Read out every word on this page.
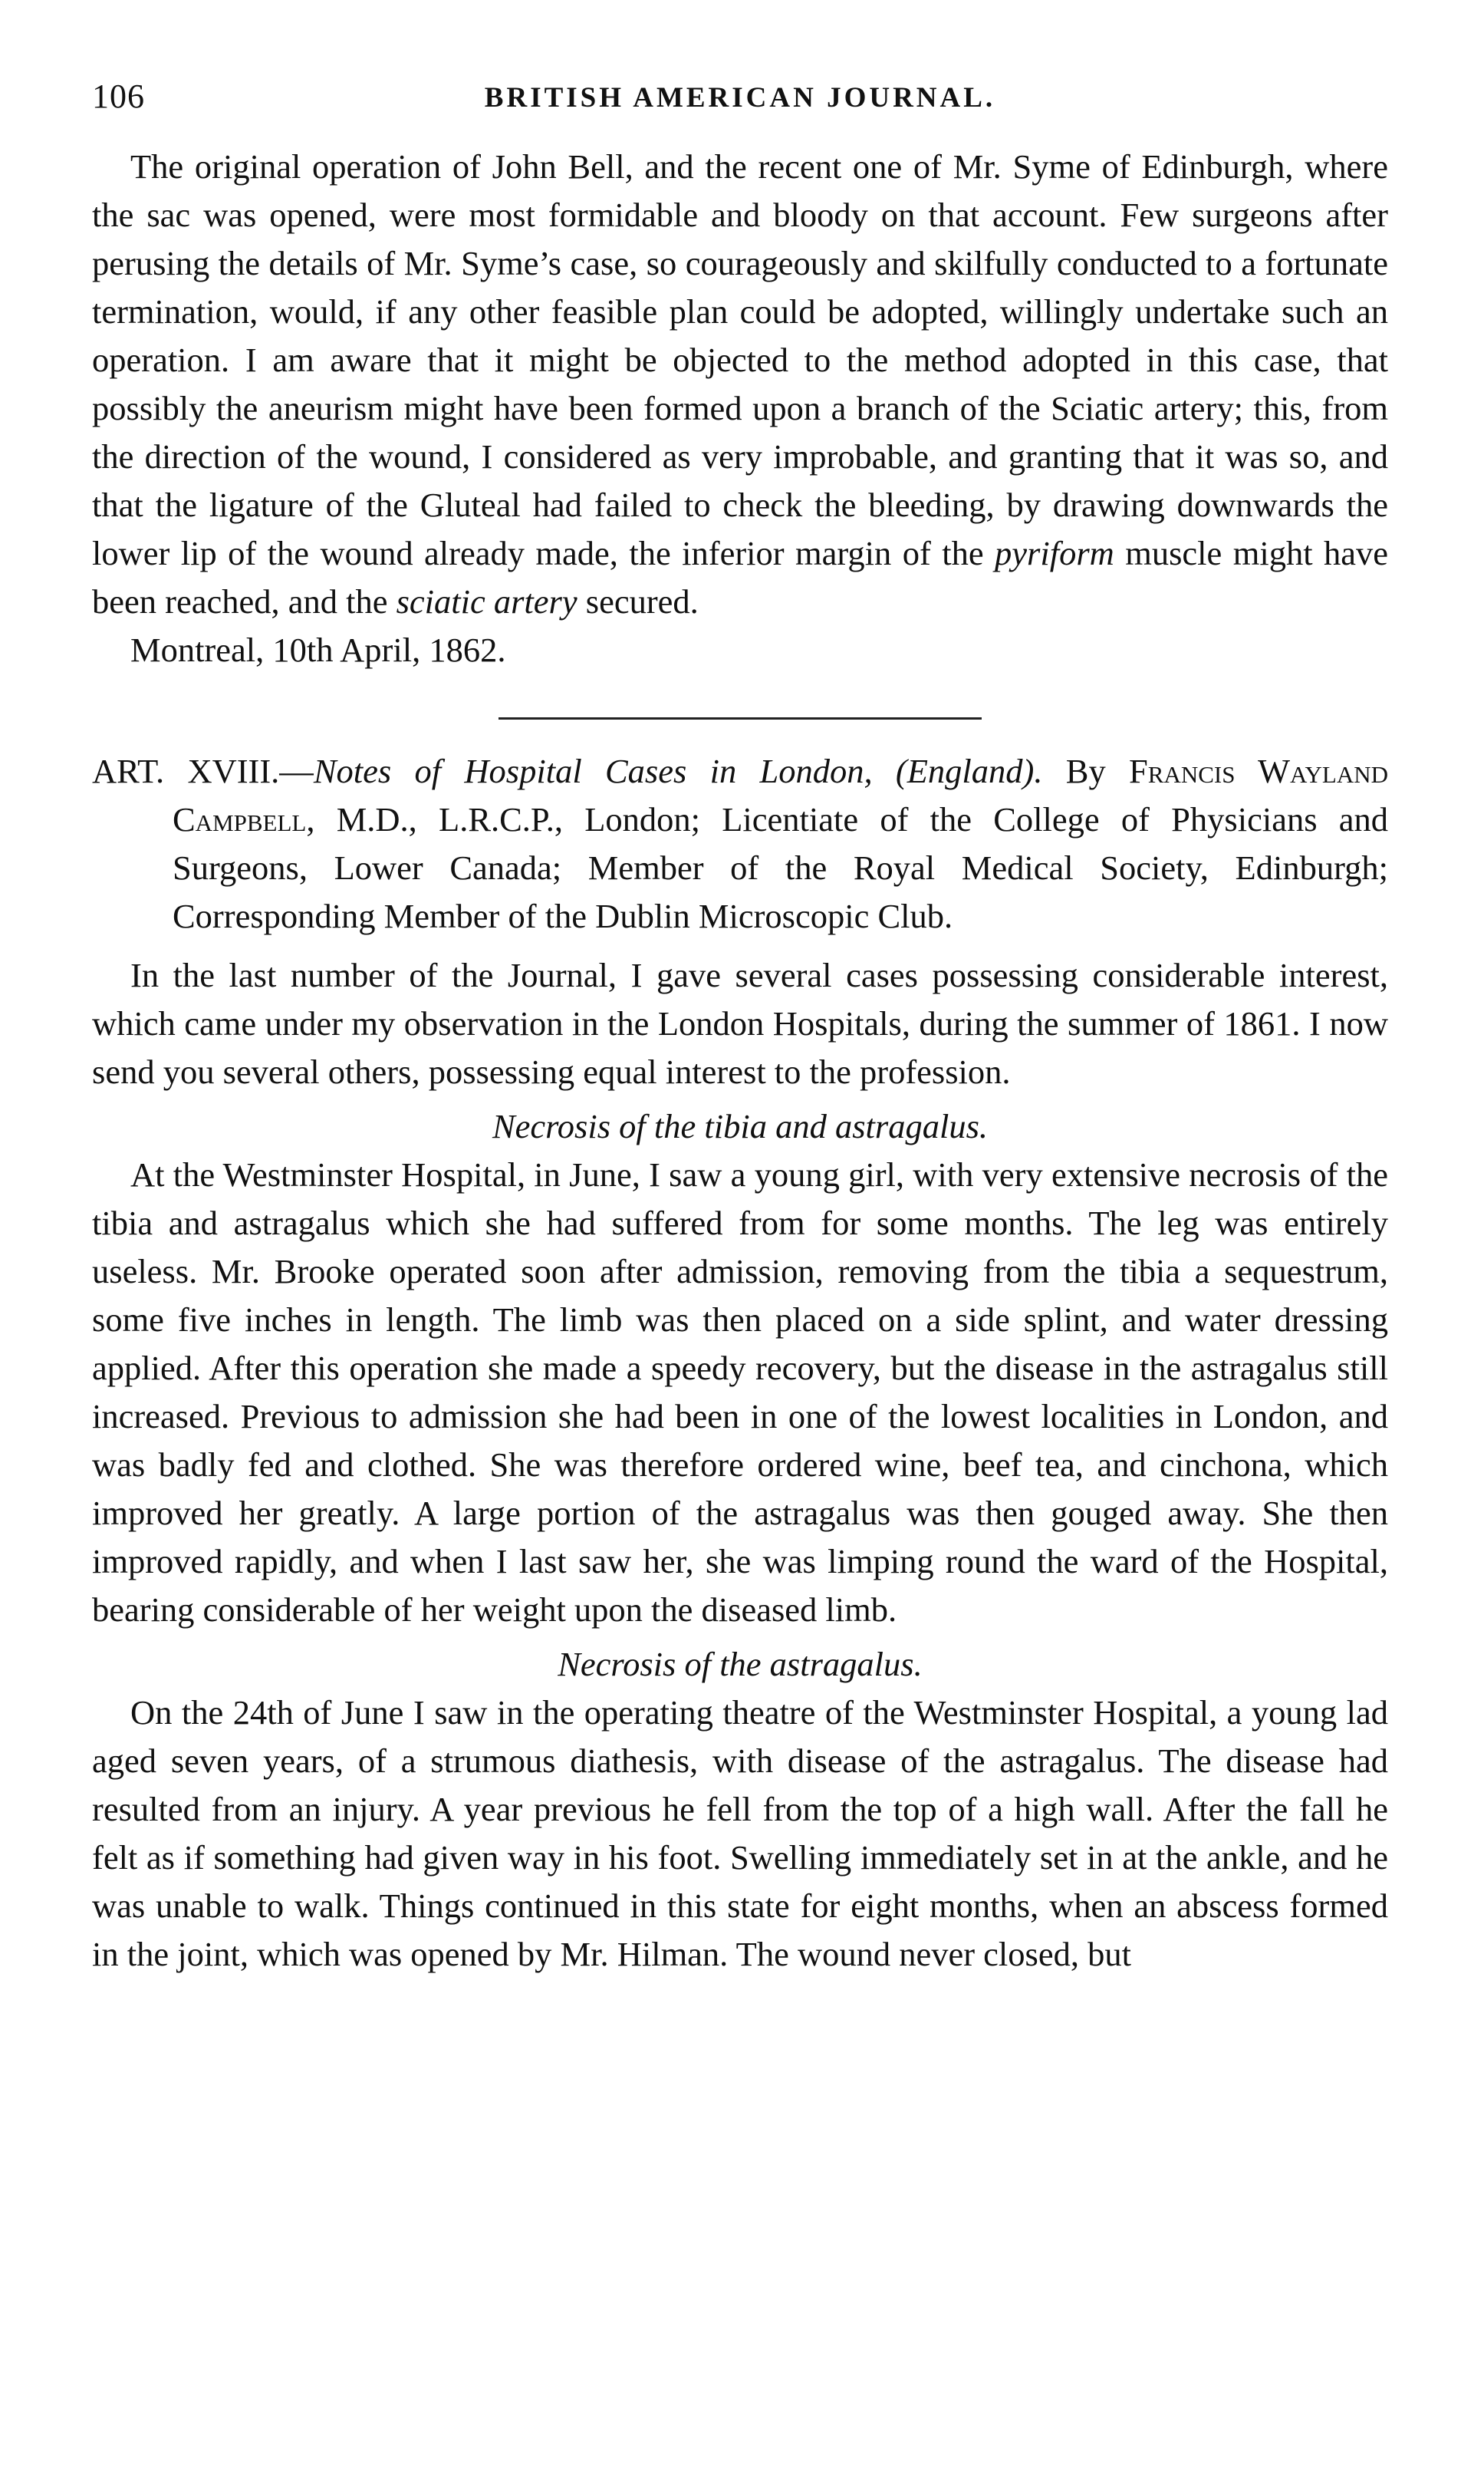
106	BRITISH AMERICAN JOURNAL.

The original operation of John Bell, and the recent one of Mr. Syme of Edinburgh, where the sac was opened, were most formidable and bloody on that account. Few surgeons after perusing the details of Mr. Syme’s case, so courageously and skilfully conducted to a fortunate termination, would, if any other feasible plan could be adopted, willingly undertake such an operation. I am aware that it might be objected to the method adopted in this case, that possibly the aneurism might have been formed upon a branch of the Sciatic artery; this, from the direction of the wound, I considered as very improbable, and granting that it was so, and that the ligature of the Gluteal had failed to check the bleeding, by drawing downwards the lower lip of the wound already made, the inferior margin of the pyriform muscle might have been reached, and the sciatic artery secured.

Montreal, 10th April, 1862.

ART. XVIII.—Notes of Hospital Cases in London, (England). By Francis Wayland Campbell, M.D., L.R.C.P., London; Licentiate of the College of Physicians and Surgeons, Lower Canada; Member of the Royal Medical Society, Edinburgh; Corresponding Member of the Dublin Microscopic Club.

In the last number of the Journal, I gave several cases possessing considerable interest, which came under my observation in the London Hospitals, during the summer of 1861. I now send you several others, possessing equal interest to the profession.

Necrosis of the tibia and astragalus.

At the Westminster Hospital, in June, I saw a young girl, with very extensive necrosis of the tibia and astragalus which she had suffered from for some months. The leg was entirely useless. Mr. Brooke operated soon after admission, removing from the tibia a sequestrum, some five inches in length. The limb was then placed on a side splint, and water dressing applied. After this operation she made a speedy recovery, but the disease in the astragalus still increased. Previous to admission she had been in one of the lowest localities in London, and was badly fed and clothed. She was therefore ordered wine, beef tea, and cinchona, which improved her greatly. A large portion of the astragalus was then gouged away. She then improved rapidly, and when I last saw her, she was limping round the ward of the Hospital, bearing considerable of her weight upon the diseased limb.

Necrosis of the astragalus.

On the 24th of June I saw in the operating theatre of the Westminster Hospital, a young lad aged seven years, of a strumous diathesis, with disease of the astragalus. The disease had resulted from an injury. A year previous he fell from the top of a high wall. After the fall he felt as if something had given way in his foot. Swelling immediately set in at the ankle, and he was unable to walk. Things continued in this state for eight months, when an abscess formed in the joint, which was opened by Mr. Hilman. The wound never closed, but
